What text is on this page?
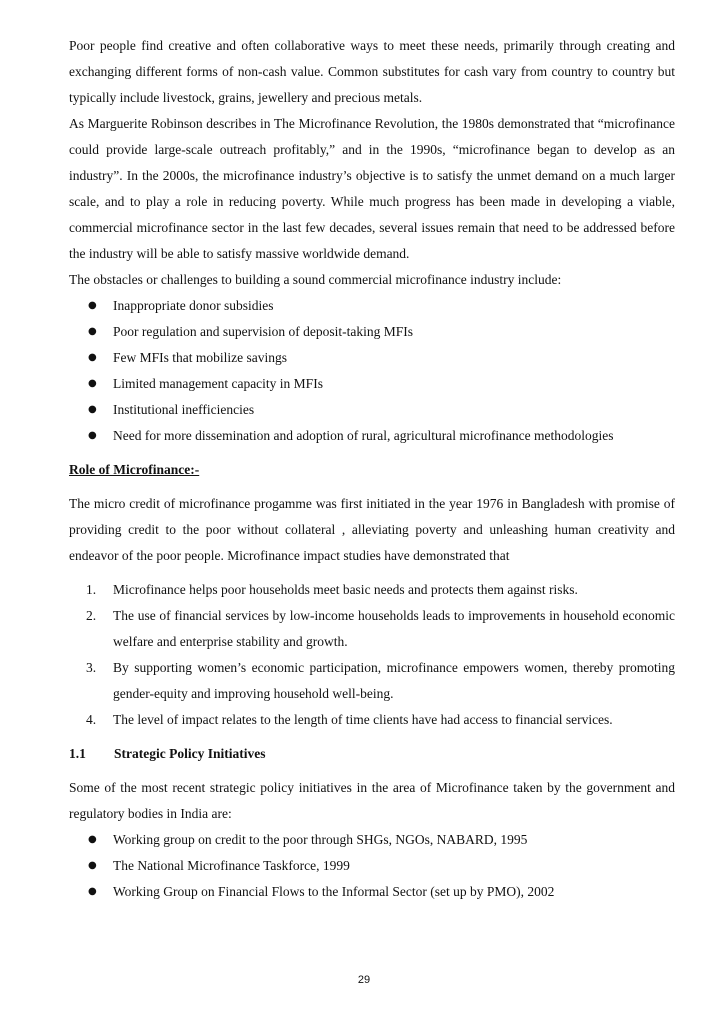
Poor people find creative and often collaborative ways to meet these needs, primarily through creating and exchanging different forms of non-cash value. Common substitutes for cash vary from country to country but typically include livestock, grains, jewellery and precious metals.

As Marguerite Robinson describes in The Microfinance Revolution, the 1980s demonstrated that “microfinance could provide large-scale outreach profitably,” and in the 1990s, “microfinance began to develop as an industry”. In the 2000s, the microfinance industry’s objective is to satisfy the unmet demand on a much larger scale, and to play a role in reducing poverty. While much progress has been made in developing a viable, commercial microfinance sector in the last few decades, several issues remain that need to be addressed before the industry will be able to satisfy massive worldwide demand.

The obstacles or challenges to building a sound commercial microfinance industry include:

● Inappropriate donor subsidies
● Poor regulation and supervision of deposit-taking MFIs
● Few MFIs that mobilize savings
● Limited management capacity in MFIs
● Institutional inefficiencies
● Need for more dissemination and adoption of rural, agricultural microfinance methodologies

Role of Microfinance:-

The micro credit of microfinance progamme was first initiated in the year 1976 in Bangladesh with promise of providing credit to the poor without collateral , alleviating poverty and unleashing human creativity and endeavor of the poor people. Microfinance impact studies have demonstrated that

1. Microfinance helps poor households meet basic needs and protects them against risks.
2. The use of financial services by low-income households leads to improvements in household economic welfare and enterprise stability and growth.
3. By supporting women’s economic participation, microfinance empowers women, thereby promoting gender-equity and improving household well-being.
4. The level of impact relates to the length of time clients have had access to financial services.

1.1 Strategic Policy Initiatives

Some of the most recent strategic policy initiatives in the area of Microfinance taken by the government and regulatory bodies in India are:

● Working group on credit to the poor through SHGs, NGOs, NABARD, 1995
● The National Microfinance Taskforce, 1999
● Working Group on Financial Flows to the Informal Sector (set up by PMO), 2002
29
